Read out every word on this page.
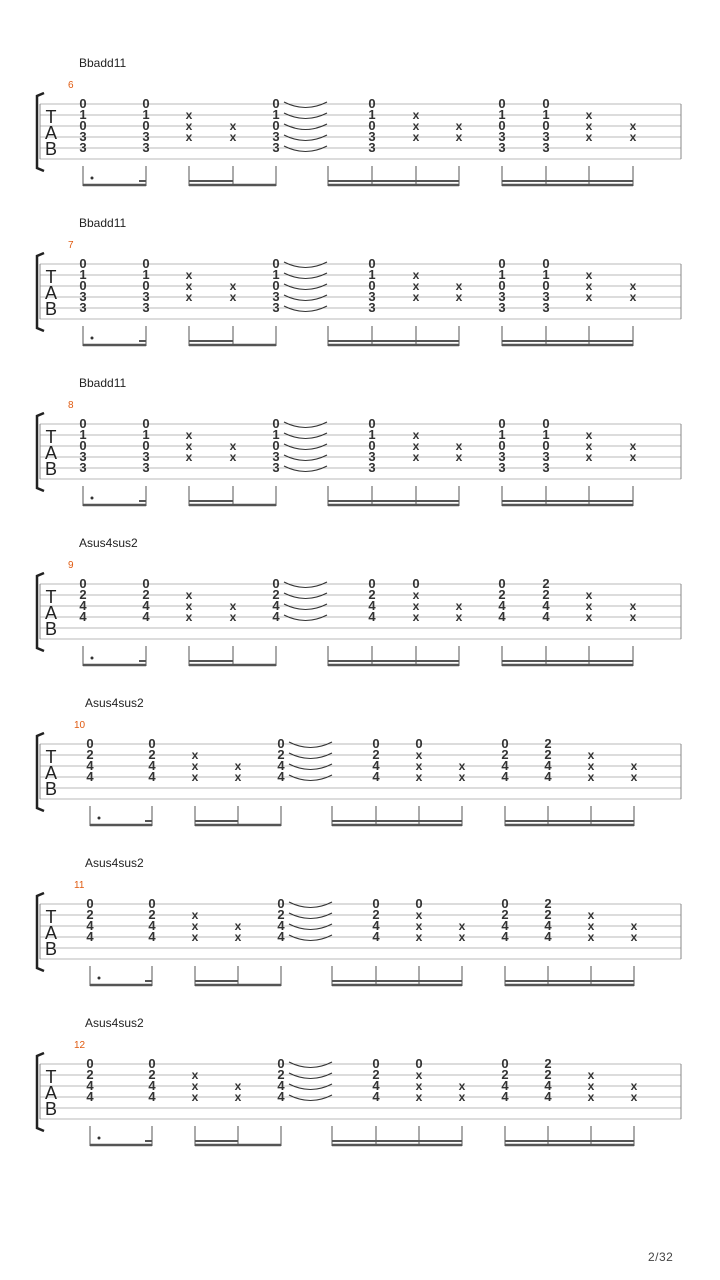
Bbadd11
6
T
A
B
0
1
0
3
3
0
1
0
3
3
x
x
x
x
x
0
1
0
3
3
0
1
0
3
3
x
x
x
x
x
0
1
0
3
3
0
1
0
3
3
x
x
x
x
x
Bbadd11
7
T
A
B
0
1
0
3
3
0
1
0
3
3
x
x
x
x
x
0
1
0
3
3
0
1
0
3
3
x
x
x
x
x
0
1
0
3
3
0
1
0
3
3
x
x
x
x
x
Bbadd11
8
T
A
B
0
1
0
3
3
0
1
0
3
3
x
x
x
x
x
0
1
0
3
3
0
1
0
3
3
x
x
x
x
x
0
1
0
3
3
0
1
0
3
3
x
x
x
x
x
Asus4sus2
9
T
A
B
0
2
4
4
0
2
4
4
x
x
x
x
x
0
2
4
4
0
2
4
4
0
x
x
x
x
x
0
2
4
4
2
2
4
4
x
x
x
x
x
Asus4sus2
10
T
A
B
0
2
4
4
0
2
4
4
x
x
x
x
x
0
2
4
4
0
2
4
4
0
x
x
x
x
x
0
2
4
4
2
2
4
4
x
x
x
x
x
Asus4sus2
11
T
A
B
0
2
4
4
0
2
4
4
x
x
x
x
x
0
2
4
4
0
2
4
4
0
x
x
x
x
x
0
2
4
4
2
2
4
4
x
x
x
x
x
Asus4sus2
12
T
A
B
0
2
4
4
0
2
4
4
x
x
x
x
x
0
2
4
4
0
2
4
4
0
x
x
x
x
x
0
2
4
4
2
2
4
4
x
x
x
x
x
2/32
